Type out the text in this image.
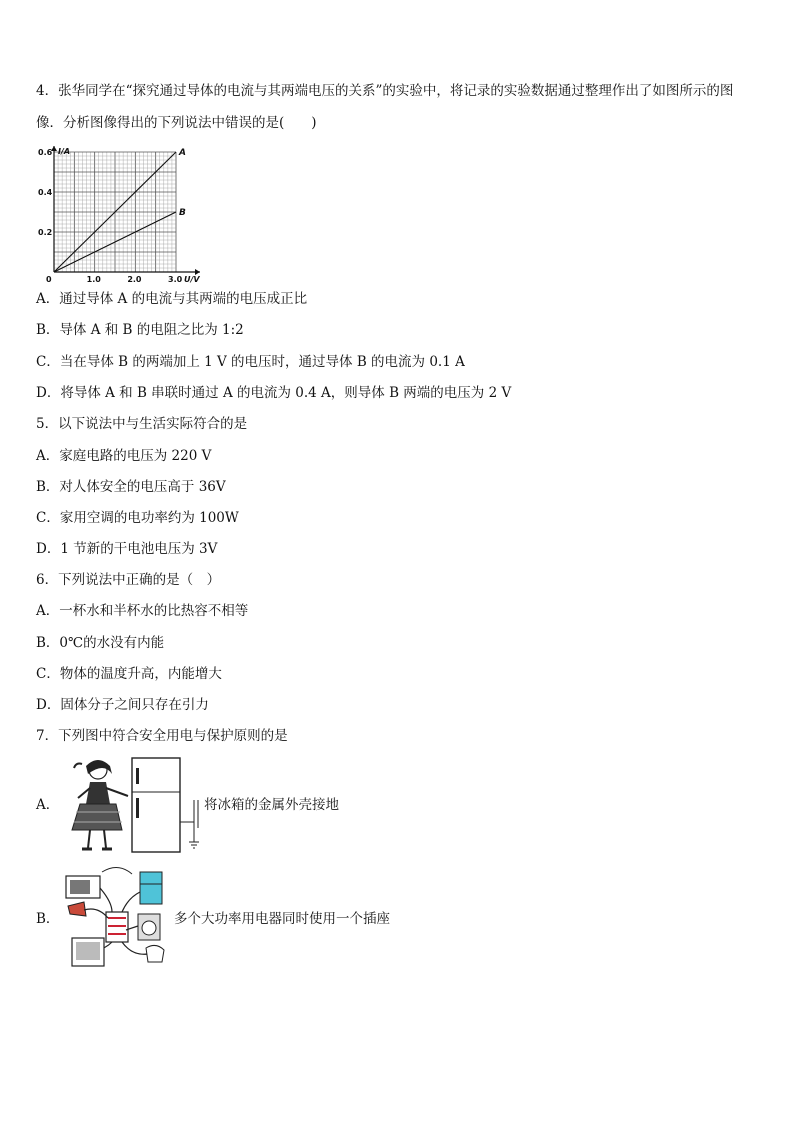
4．张华同学在“探究通过导体的电流与其两端电压的关系”的实验中，将记录的实验数据通过整理作出了如图所示的图
像．分析图像得出的下列说法中错误的是(　　)
A
B
0	1.0	2.0	3.0
0.2
0.4
0.6 I/A
U/V
A．通过导体 A 的电流与其两端的电压成正比
B．导体 A 和 B 的电阻之比为 1:2
C．当在导体 B 的两端加上 1 V 的电压时，通过导体 B 的电流为 0.1 A
D．将导体 A 和 B 串联时通过 A 的电流为 0.4 A，则导体 B 两端的电压为 2 V
5．以下说法中与生活实际符合的是
A．家庭电路的电压为 220 V
B．对人体安全的电压高于 36V
C．家用空调的电功率约为 100W
D．1 节新的干电池电压为 3V
6．下列说法中正确的是（　）
A．一杯水和半杯水的比热容不相等
B．0℃的水没有内能
C．物体的温度升高，内能增大
D．固体分子之间只存在引力
7．下列图中符合安全用电与保护原则的是
A．	将冰箱的金属外壳接地
B．	多个大功率用电器同时使用一个插座
